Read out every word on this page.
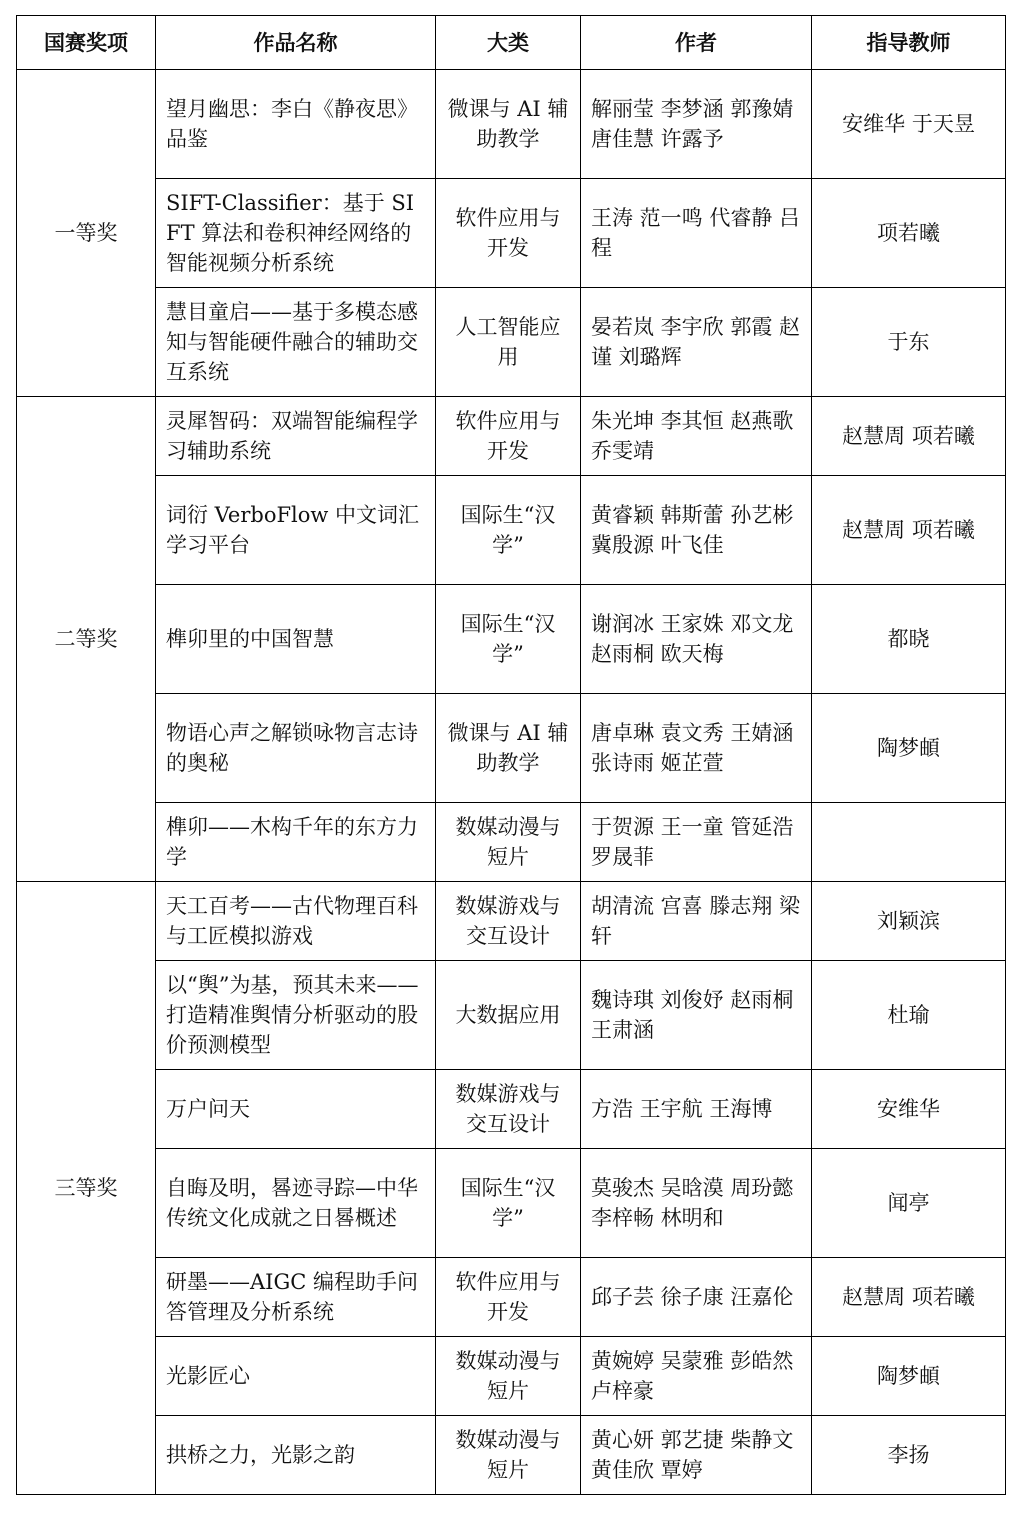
国赛奖项	作品名称	大类	作者	指导教师
一等奖	望月幽思：李白《静夜思》品鉴	微课与 AI 辅助教学	解丽莹 李梦涵 郭豫婧 唐佳慧 许露予	安维华 于天昱
	SIFT-Classifier：基于 SIFT 算法和卷积神经网络的智能视频分析系统	软件应用与开发	王涛 范一鸣 代睿静 吕程	项若曦
	慧目童启——基于多模态感知与智能硬件融合的辅助交互系统	人工智能应用	晏若岚 李宇欣 郭霞 赵谨 刘璐辉	于东
二等奖	灵犀智码：双端智能编程学习辅助系统	软件应用与开发	朱光坤 李其恒 赵燕歌 乔雯靖	赵慧周 项若曦
	词衍 VerboFlow 中文词汇学习平台	国际生“汉学”	黄睿颖 韩斯蕾 孙艺彬 冀殷源 叶飞佳	赵慧周 项若曦
	榫卯里的中国智慧	国际生“汉学”	谢润冰 王家姝 邓文龙 赵雨桐 欧天梅	都晓
	物语心声之解锁咏物言志诗的奥秘	微课与 AI 辅助教学	唐卓琳 袁文秀 王婧涵 张诗雨 姬芷萱	陶梦頔
	榫卯——木构千年的东方力学	数媒动漫与短片	于贺源 王一童 管延浩 罗晟菲	
三等奖	天工百考——古代物理百科与工匠模拟游戏	数媒游戏与交互设计	胡清流 宫喜 滕志翔 梁轩	刘颖滨
	以“舆”为基，预其未来——打造精准舆情分析驱动的股价预测模型	大数据应用	魏诗琪 刘俊妤 赵雨桐 王肃涵	杜瑜
	万户问天	数媒游戏与交互设计	方浩 王宇航 王海博	安维华
	自晦及明，晷迹寻踪—中华传统文化成就之日晷概述	国际生“汉学”	莫骏杰 吴晗漠 周玢懿 李梓畅 林明和	闻亭
	研墨——AIGC 编程助手问答管理及分析系统	软件应用与开发	邱子芸 徐子康 汪嘉伦	赵慧周 项若曦
	光影匠心	数媒动漫与短片	黄婉婷 吴蒙雅 彭皓然 卢梓豪	陶梦頔
	拱桥之力，光影之韵	数媒动漫与短片	黄心妍 郭艺捷 柴静文 黄佳欣 覃婷	李扬
